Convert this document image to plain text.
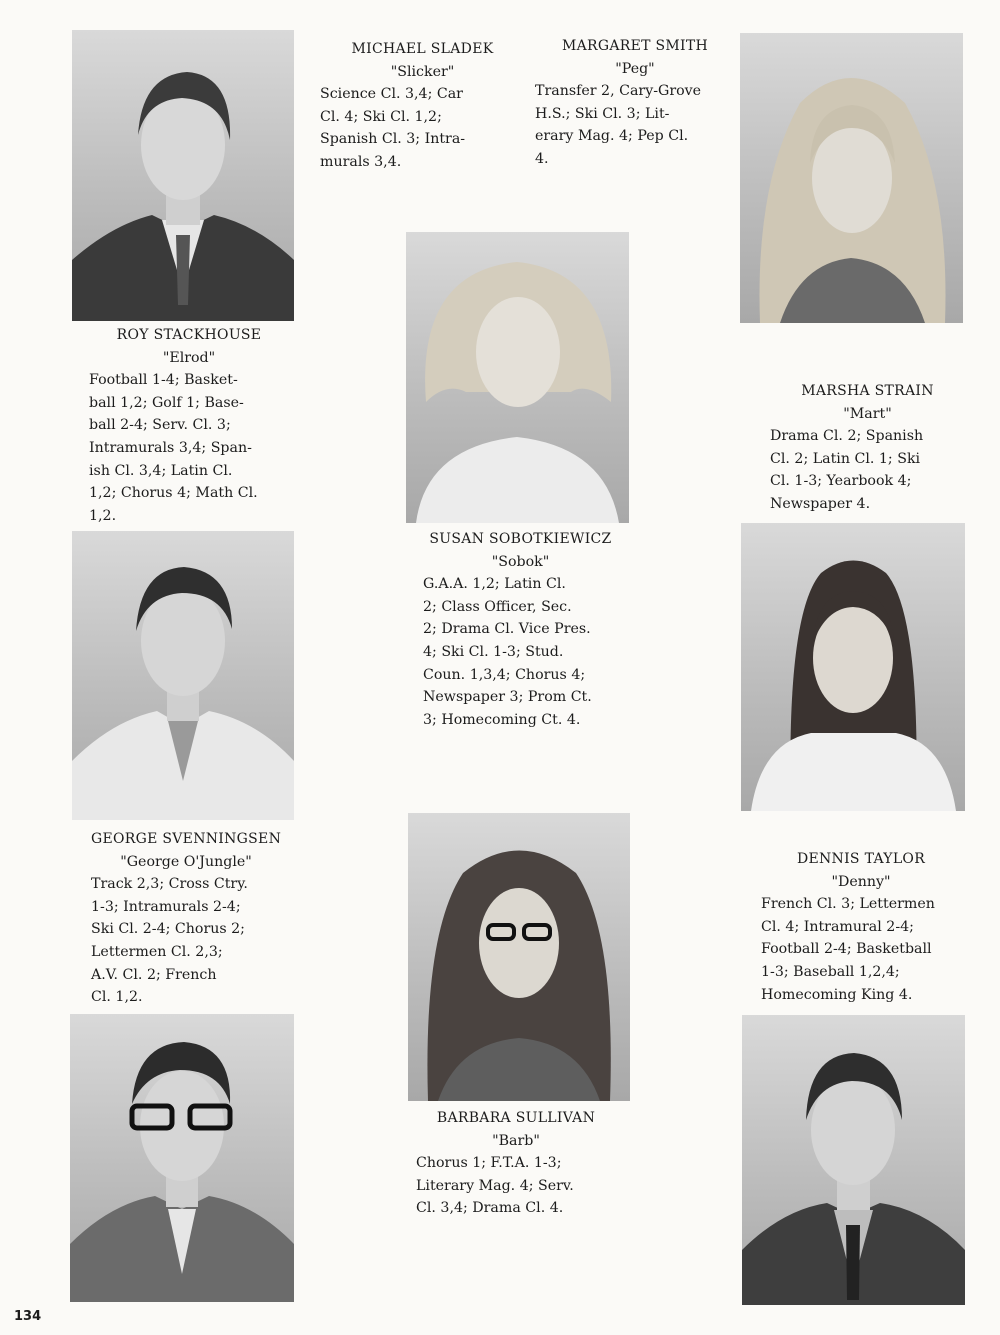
MICHAEL SLADEK
"Slicker"
Science Cl. 3,4; Car
Cl. 4; Ski Cl. 1,2;
Spanish Cl. 3; Intra-
murals 3,4.
MARGARET SMITH
"Peg"
Transfer 2, Cary-Grove
H.S.; Ski Cl. 3; Lit-
erary Mag. 4; Pep Cl.
4.
ROY STACKHOUSE
"Elrod"
Football 1-4; Basket-
ball 1,2; Golf 1; Base-
ball 2-4; Serv. Cl. 3;
Intramurals 3,4; Span-
ish Cl. 3,4; Latin Cl.
1,2; Chorus 4; Math Cl.
1,2.
MARSHA STRAIN
"Mart"
Drama Cl. 2; Spanish
Cl. 2; Latin Cl. 1; Ski
Cl. 1-3; Yearbook 4;
Newspaper 4.
SUSAN SOBOTKIEWICZ
"Sobok"
G.A.A. 1,2; Latin Cl.
2; Class Officer, Sec.
2; Drama Cl. Vice Pres.
4; Ski Cl. 1-3; Stud.
Coun. 1,3,4; Chorus 4;
Newspaper 3; Prom Ct.
3; Homecoming Ct. 4.
GEORGE SVENNINGSEN
"George O'Jungle"
Track 2,3; Cross Ctry.
1-3; Intramurals 2-4;
Ski Cl. 2-4; Chorus 2;
Lettermen Cl. 2,3;
A.V. Cl. 2; French
Cl. 1,2.
DENNIS TAYLOR
"Denny"
French Cl. 3; Lettermen
Cl. 4; Intramural 2-4;
Football 2-4; Basketball
1-3; Baseball 1,2,4;
Homecoming King 4.
BARBARA SULLIVAN
"Barb"
Chorus 1; F.T.A. 1-3;
Literary Mag. 4; Serv.
Cl. 3,4; Drama Cl. 4.
134
